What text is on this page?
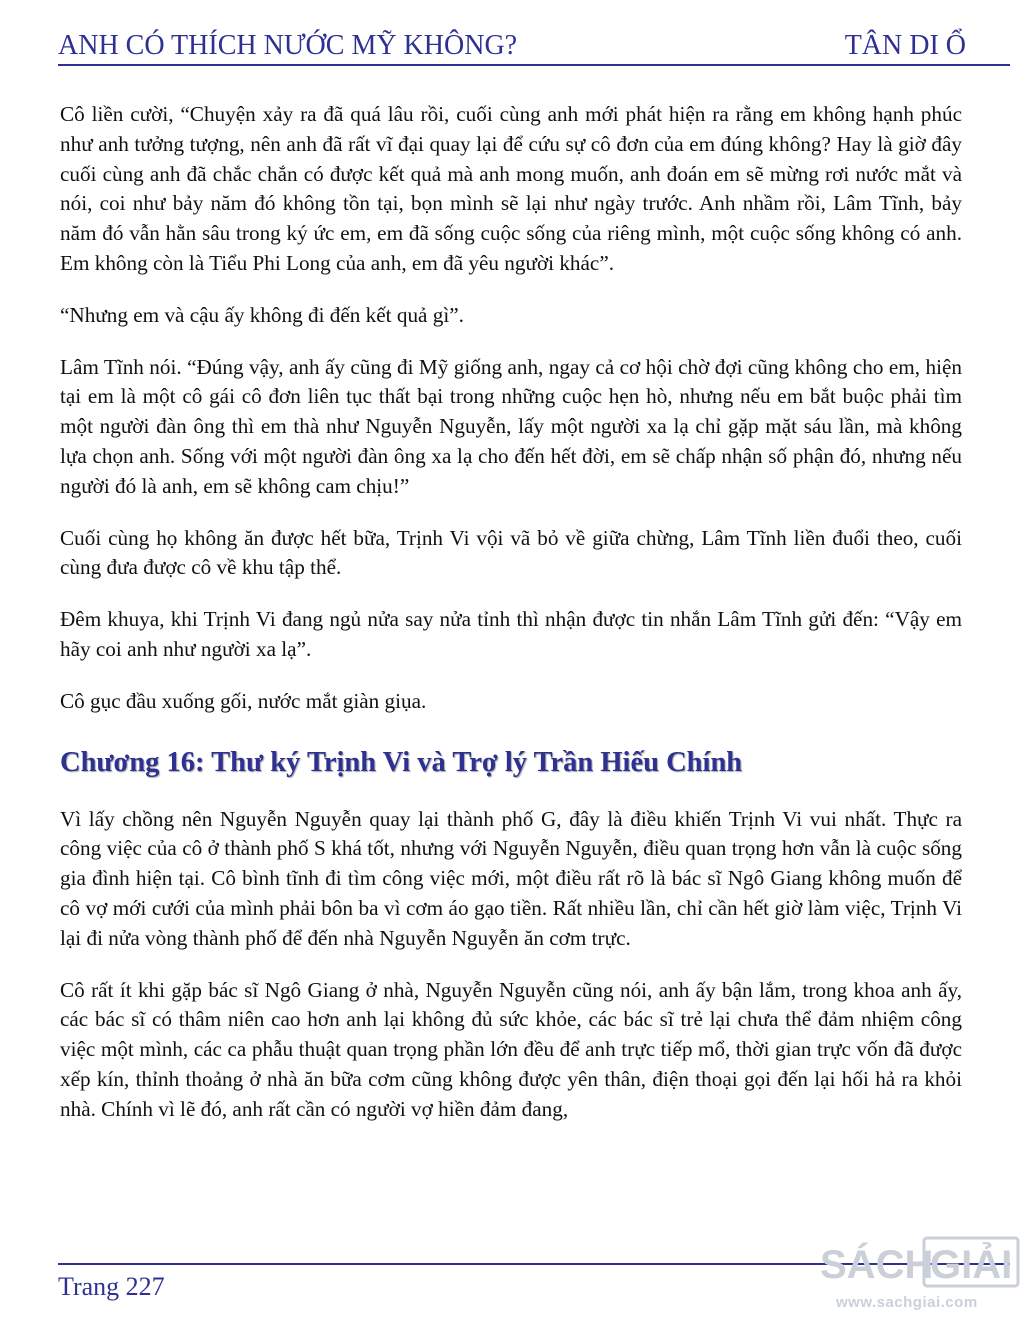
ANH CÓ THÍCH NƯỚC MỸ KHÔNG?	TÂN DI Ổ

Cô liền cười, “Chuyện xảy ra đã quá lâu rồi, cuối cùng anh mới phát hiện ra rằng em không hạnh phúc như anh tưởng tượng, nên anh đã rất vĩ đại quay lại để cứu sự cô đơn của em đúng không? Hay là giờ đây cuối cùng anh đã chắc chắn có được kết quả mà anh mong muốn, anh đoán em sẽ mừng rơi nước mắt và nói, coi như bảy năm đó không tồn tại, bọn mình sẽ lại như ngày trước. Anh nhầm rồi, Lâm Tĩnh, bảy năm đó vẫn hằn sâu trong ký ức em, em đã sống cuộc sống của riêng mình, một cuộc sống không có anh. Em không còn là Tiểu Phi Long của anh, em đã yêu người khác”.

“Nhưng em và cậu ấy không đi đến kết quả gì”.

Lâm Tĩnh nói. “Đúng vậy, anh ấy cũng đi Mỹ giống anh, ngay cả cơ hội chờ đợi cũng không cho em, hiện tại em là một cô gái cô đơn liên tục thất bại trong những cuộc hẹn hò, nhưng nếu em bắt buộc phải tìm một người đàn ông thì em thà như Nguyễn Nguyễn, lấy một người xa lạ chỉ gặp mặt sáu lần, mà không lựa chọn anh. Sống với một người đàn ông xa lạ cho đến hết đời, em sẽ chấp nhận số phận đó, nhưng nếu người đó là anh, em sẽ không cam chịu!”

Cuối cùng họ không ăn được hết bữa, Trịnh Vi vội vã bỏ về giữa chừng, Lâm Tĩnh liền đuổi theo, cuối cùng đưa được cô về khu tập thể.

Đêm khuya, khi Trịnh Vi đang ngủ nửa say nửa tỉnh thì nhận được tin nhắn Lâm Tĩnh gửi đến: “Vậy em hãy coi anh như người xa lạ”.

Cô gục đầu xuống gối, nước mắt giàn giụa.

Chương 16: Thư ký Trịnh Vi và Trợ lý Trần Hiếu Chính

Vì lấy chồng nên Nguyễn Nguyễn quay lại thành phố G, đây là điều khiến Trịnh Vi vui nhất. Thực ra công việc của cô ở thành phố S khá tốt, nhưng với Nguyễn Nguyễn, điều quan trọng hơn vẫn là cuộc sống gia đình hiện tại. Cô bình tĩnh đi tìm công việc mới, một điều rất rõ là bác sĩ Ngô Giang không muốn để cô vợ mới cưới của mình phải bôn ba vì cơm áo gạo tiền. Rất nhiều lần, chỉ cần hết giờ làm việc, Trịnh Vi lại đi nửa vòng thành phố để đến nhà Nguyễn Nguyễn ăn cơm trực.

Cô rất ít khi gặp bác sĩ Ngô Giang ở nhà, Nguyễn Nguyễn cũng nói, anh ấy bận lắm, trong khoa anh ấy, các bác sĩ có thâm niên cao hơn anh lại không đủ sức khỏe, các bác sĩ trẻ lại chưa thể đảm nhiệm công việc một mình, các ca phẫu thuật quan trọng phần lớn đều để anh trực tiếp mổ, thời gian trực vốn đã được xếp kín, thỉnh thoảng ở nhà ăn bữa cơm cũng không được yên thân, điện thoại gọi đến lại hối hả ra khỏi nhà. Chính vì lẽ đó, anh rất cần có người vợ hiền đảm đang,

Trang 227	SÁCH
GIẢI
www.sachgiai.com
